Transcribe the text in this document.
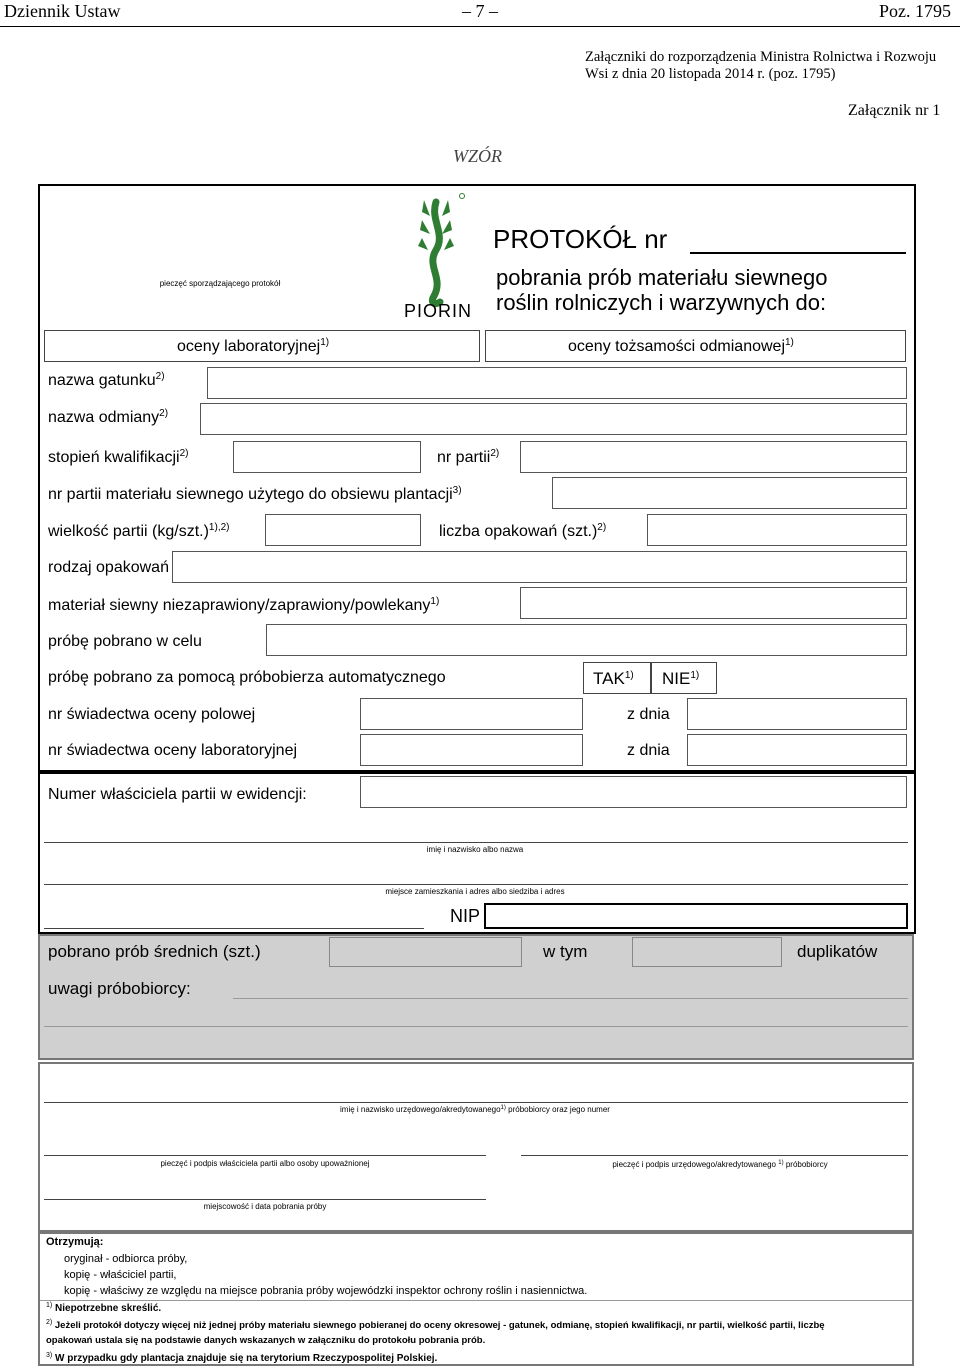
Dziennik Ustaw	– 7 –	Poz. 1795
Załączniki do rozporządzenia Ministra Rolnictwa i Rozwoju
Wsi z dnia 20 listopada 2014 r. (poz. 1795)
Załącznik nr 1
WZÓR
pieczęć sporządzającego protokół
PIORIN
PROTOKÓŁ nr
pobrania prób materiału siewnego
roślin rolniczych i warzywnych do:
oceny laboratoryjnej$^{1)}$	oceny tożsamości odmianowej$^{1)}$
nazwa gatunku$^{2)}$
nazwa odmiany$^{2)}$
stopień kwalifikacji$^{2)}$	nr partii$^{2)}$
nr partii materiału siewnego użytego do obsiewu plantacji$^{3)}$
wielkość partii $(kg/szt.)^{1),2)}$	liczba opakowań $(szt.)^{2)}$
rodzaj opakowań
materiał siewny niezaprawiony/zaprawiony/powlekany$^{1)}$
próbę pobrano w celu
próbę pobrano za pomocą próbobierza automatycznego	TAK$^{1)}$ NIE$^{1)}$
nr świadectwa oceny polowej	z dnia
nr świadectwa oceny laboratoryjnej	z dnia
Numer właściciela partii w ewidencji:
imię i nazwisko albo nazwa
miejsce zamieszkania i adres albo siedziba i adres
NIP
pobrano prób średnich (szt.)	w tym	duplikatów
uwagi próbobiorcy:
imię i nazwisko urzędowego/akredytowanego$^{1)}$ próbobiorcy oraz jego numer
pieczęć i podpis właściciela partii albo osoby upoważnionej	pieczęć i podpis urzędowego/akredytowanego $^{1)}$ próbobiorcy
miejscowość i data pobrania próby
Otrzymują:
oryginał - odbiorca próby,
kopię - właściciel partii,
kopię - właściwy ze względu na miejsce pobrania próby wojewódzki inspektor ochrony roślin i nasiennictwa.
$^{1)}$ Niepotrzebne skreślić.
$^{2)}$ Jeżeli protokół dotyczy więcej niż jednej próby materiału siewnego pobieranej do oceny okresowej - gatunek, odmianę, stopień kwalifikacji, nr partii, wielkość partii, liczbę
opakowań ustala się na podstawie danych wskazanych w załączniku do protokołu pobrania prób.
$^{3)}$ W przypadku gdy plantacja znajduje się na terytorium Rzeczypospolitej Polskiej.
